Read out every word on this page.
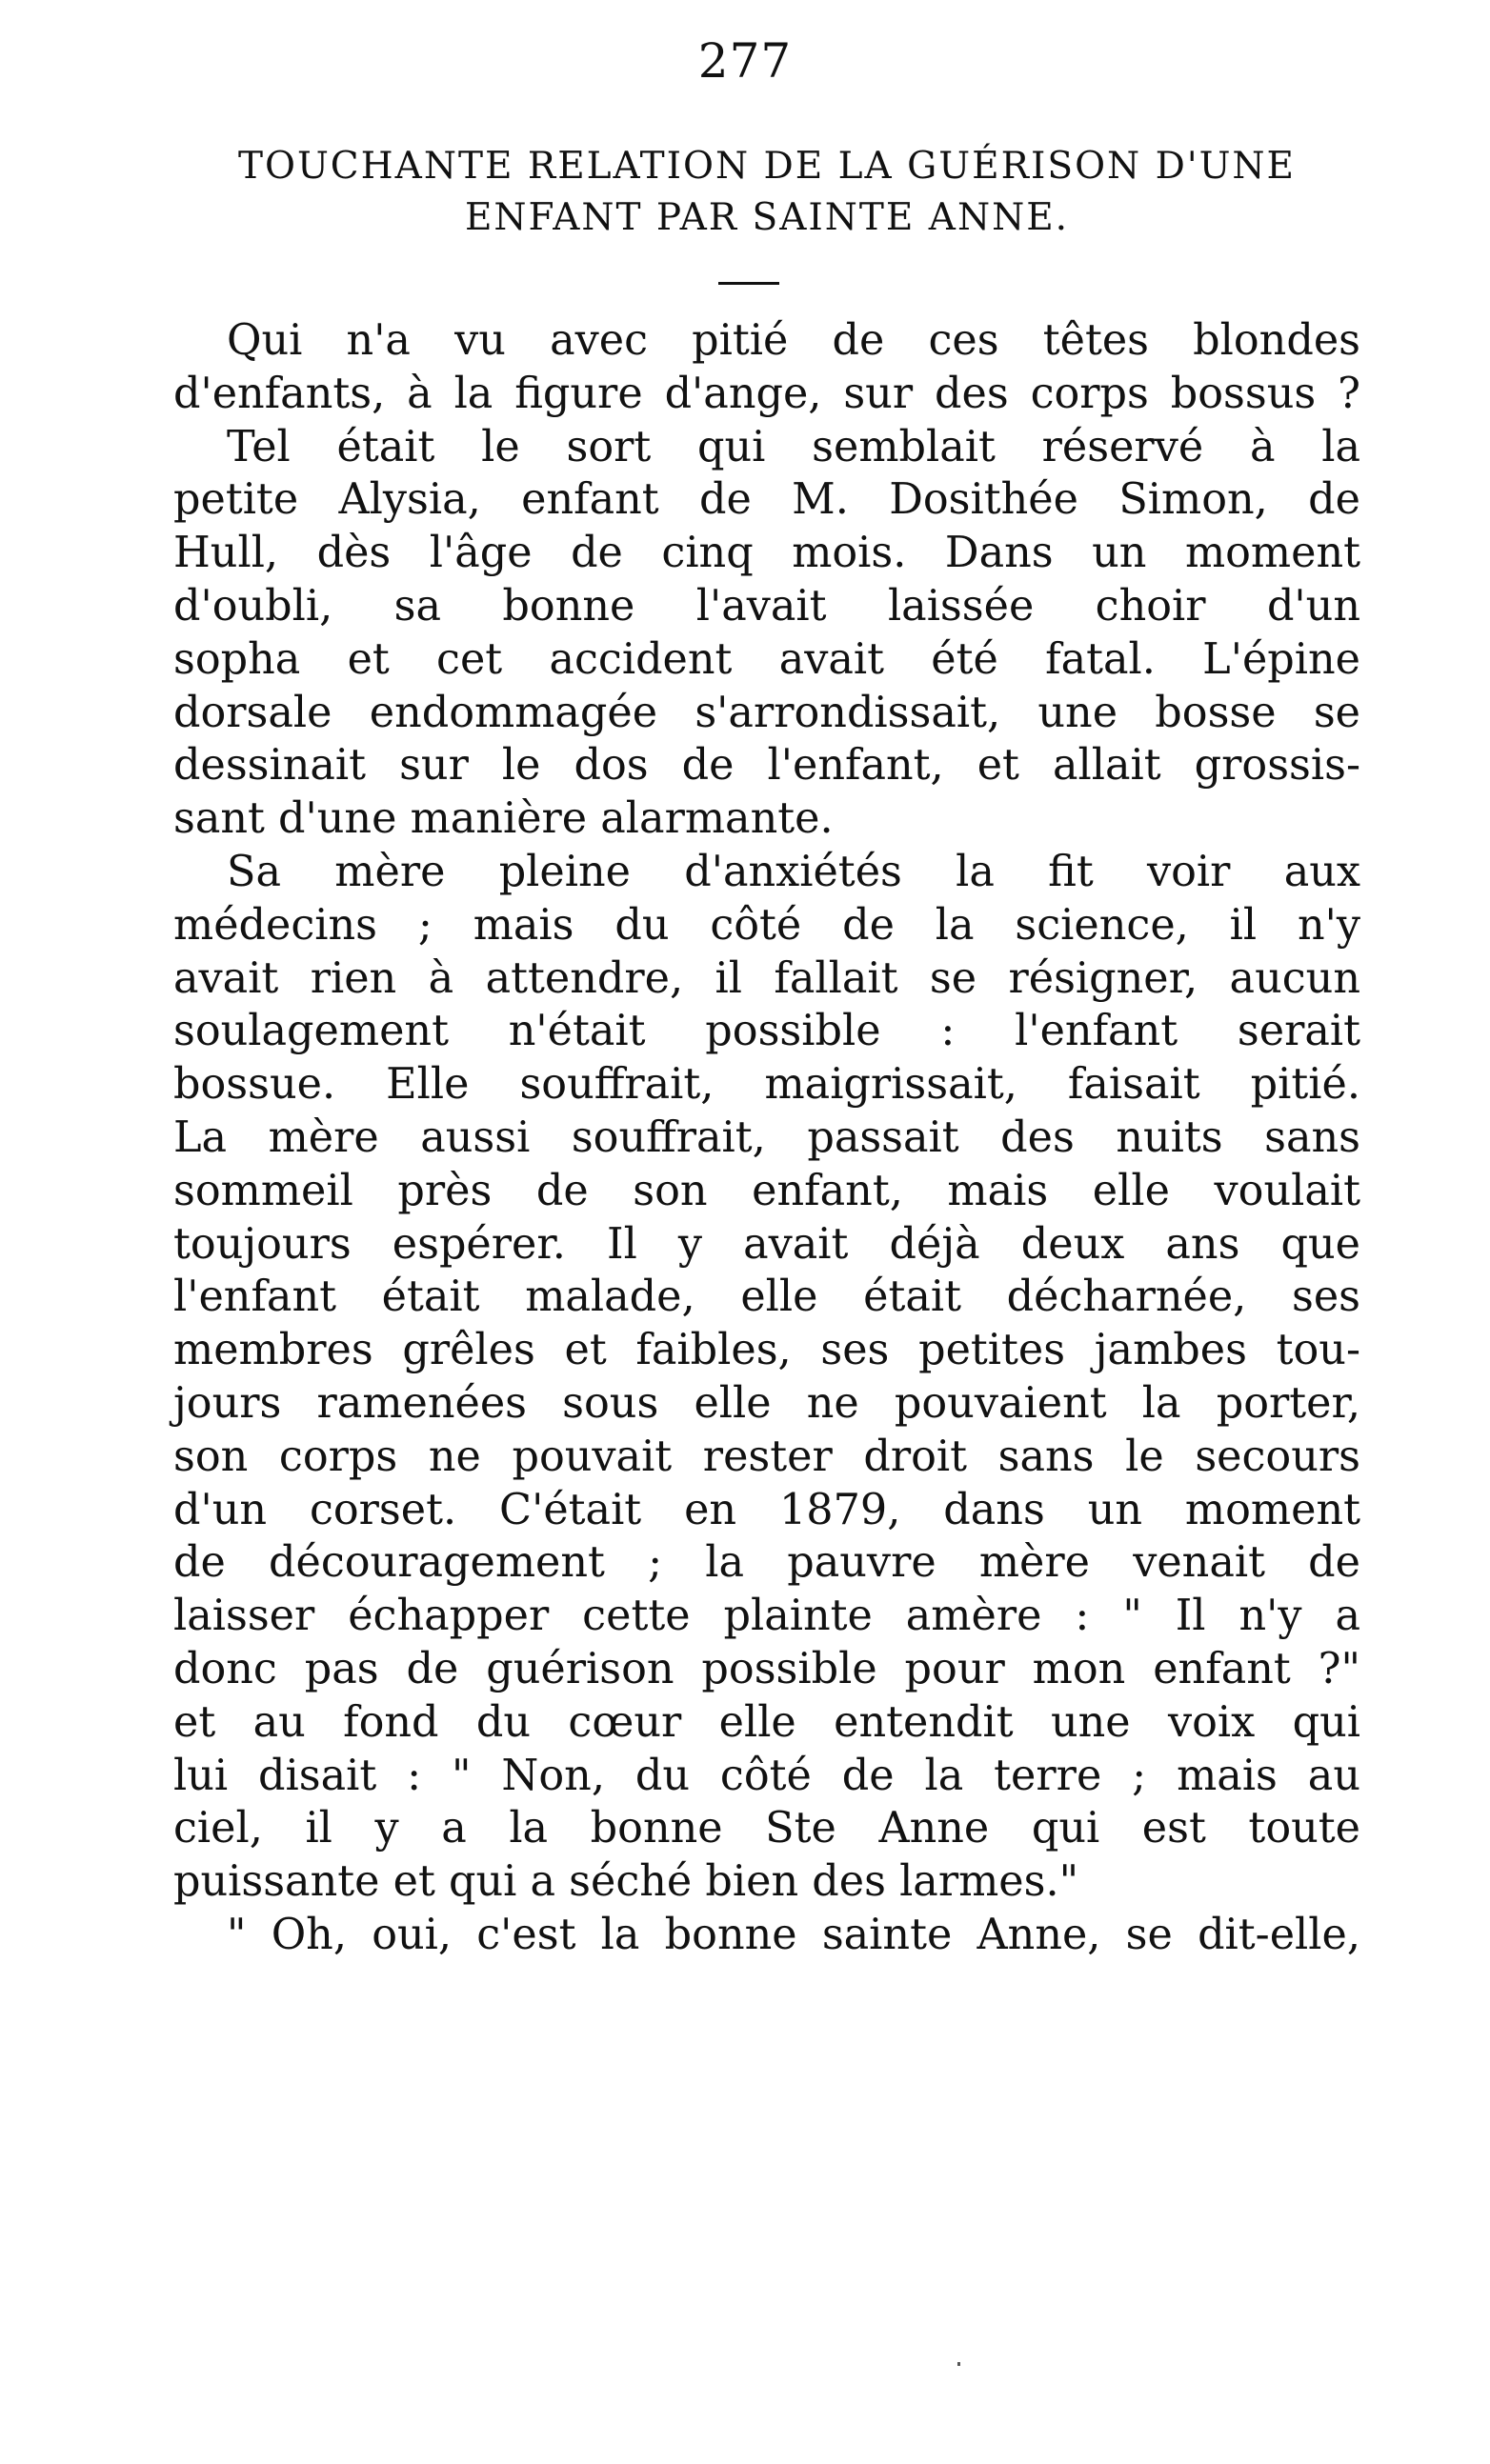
277
TOUCHANTE RELATION DE LA GUÉRISON D'UNE
ENFANT PAR SAINTE ANNE.
Qui n'a vu avec pitié de ces têtes blondes
d'enfants, à la figure d'ange, sur des corps bossus ?
Tel était le sort qui semblait réservé à la
petite Alysia, enfant de M. Dosithée Simon, de
Hull, dès l'âge de cinq mois. Dans un moment
d'oubli, sa bonne l'avait laissée choir d'un
sopha et cet accident avait été fatal. L'épine
dorsale endommagée s'arrondissait, une bosse se
dessinait sur le dos de l'enfant, et allait grossis-
sant d'une manière alarmante.
Sa mère pleine d'anxiétés la fit voir aux
médecins ; mais du côté de la science, il n'y
avait rien à attendre, il fallait se résigner, aucun
soulagement n'était possible : l'enfant serait
bossue. Elle souffrait, maigrissait, faisait pitié.
La mère aussi souffrait, passait des nuits sans
sommeil près de son enfant, mais elle voulait
toujours espérer. Il y avait déjà deux ans que
l'enfant était malade, elle était décharnée, ses
membres grêles et faibles, ses petites jambes tou-
jours ramenées sous elle ne pouvaient la porter,
son corps ne pouvait rester droit sans le secours
d'un corset. C'était en 1879, dans un moment
de découragement ; la pauvre mère venait de
laisser échapper cette plainte amère : " Il n'y a
donc pas de guérison possible pour mon enfant ?"
et au fond du cœur elle entendit une voix qui
lui disait : " Non, du côté de la terre ; mais au
ciel, il y a la bonne Ste Anne qui est toute
puissante et qui a séché bien des larmes."
" Oh, oui, c'est la bonne sainte Anne, se dit-elle,
